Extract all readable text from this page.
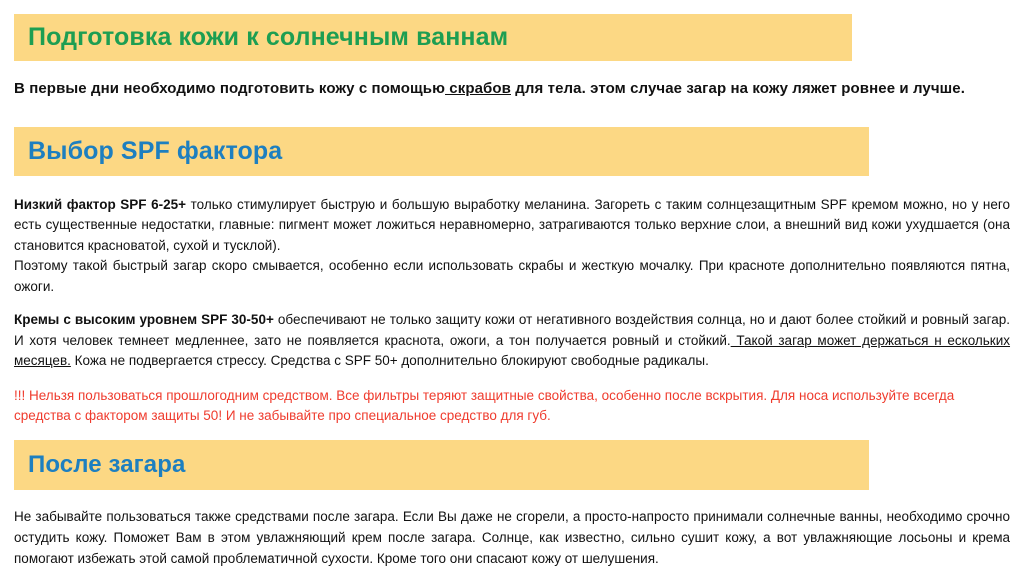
Подготовка кожи к солнечным ваннам

В первые дни необходимо подготовить кожу с помощью скрабов для тела. этом случае загар на кожу ляжет ровнее и лучше.

Выбор SPF фактора

Низкий фактор SPF 6-25+ только стимулирует быструю и большую выработку меланина. Загореть с таким солнцезащитным SPF кремом можно, но у него есть существенные недостатки, главные: пигмент может ложиться неравномерно, затрагиваются только верхние слои, а внешний вид кожи ухудшается (она становится красноватой, сухой и тусклой).

Поэтому такой быстрый загар скоро смывается, особенно если использовать скрабы и жесткую мочалку. При красноте дополнительно появляются пятна, ожоги.

Кремы с высоким уровнем SPF 30-50+ обеспечивают не только защиту кожи от негативного воздействия солнца, но и дают более стойкий и ровный загар. И хотя человек темнеет медленнее, зато не появляется краснота, ожоги, а тон получается ровный и стойкий. Такой загар может держаться н ескольких месяцев. Кожа не подвергается стрессу. Средства с SPF 50+ дополнительно блокируют свободные радикалы.

!!! Нельзя пользоваться прошлогодним средством. Все фильтры теряют защитные свойства, особенно после вскрытия. Для носа используйте всегда средства с фактором защиты 50! И не забывайте про специальное средство для губ.

После загара

Не забывайте пользоваться также средствами после загара. Если Вы даже не сгорели, а просто-напросто принимали солнечные ванны, необходимо срочно остудить кожу. Поможет Вам в этом увлажняющий крем после загара. Солнце, как известно, сильно сушит кожу, а вот увлажняющие лосьоны и крема помогают избежать этой самой проблематичной сухости. Кроме того они спасают кожу от шелушения.
